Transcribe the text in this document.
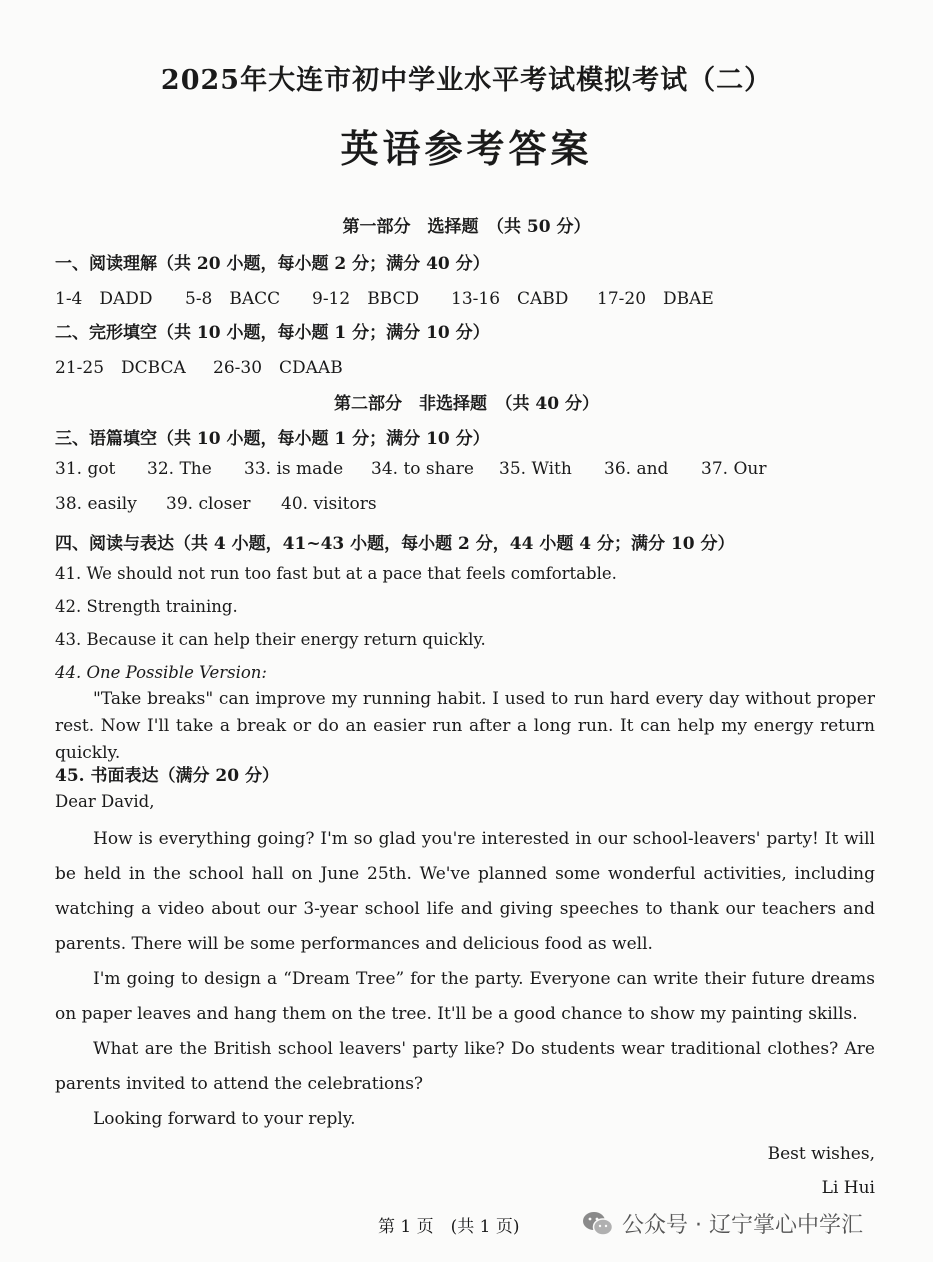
2025年大连市初中学业水平考试模拟考试（二）
英语参考答案
第一部分　选择题　（共 50 分）
一、阅读理解（共 20 小题，每小题 2 分；满分 40 分）
1-4　DADD 5-8　BACC 9-12　BBCD 13-16　CABD 17-20　DBAE
二、完形填空（共 10 小题，每小题 1 分；满分 10 分）
21-25　DCBCA 26-30　CDAAB
第二部分　非选择题　（共 40 分）
三、语篇填空（共 10 小题，每小题 1 分；满分 10 分）
31. got 32. The 33. is made 34. to share 35. With 36. and 37. Our
38. easily 39. closer 40. visitors
四、阅读与表达（共 4 小题，41~43 小题，每小题 2 分，44 小题 4 分；满分 10 分）
41. We should not run too fast but at a pace that feels comfortable.
42. Strength training.
43. Because it can help their energy return quickly.
44. One Possible Version:
"Take breaks" can improve my running habit. I used to run hard every day without proper rest. Now I'll take a break or do an easier run after a long run. It can help my energy return quickly.
45. 书面表达（满分 20 分）
Dear David,
How is everything going? I'm so glad you're interested in our school-leavers' party! It will be held in the school hall on June 25th. We've planned some wonderful activities, including watching a video about our 3-year school life and giving speeches to thank our teachers and parents. There will be some performances and delicious food as well.
I'm going to design a “Dream Tree” for the party. Everyone can write their future dreams on paper leaves and hang them on the tree. It'll be a good chance to show my painting skills.
What are the British school leavers' party like? Do students wear traditional clothes? Are parents invited to attend the celebrations?
Looking forward to your reply.
Best wishes,
Li Hui
第 1 页　(共 1 页)	公众号 · 辽宁掌心中学汇
